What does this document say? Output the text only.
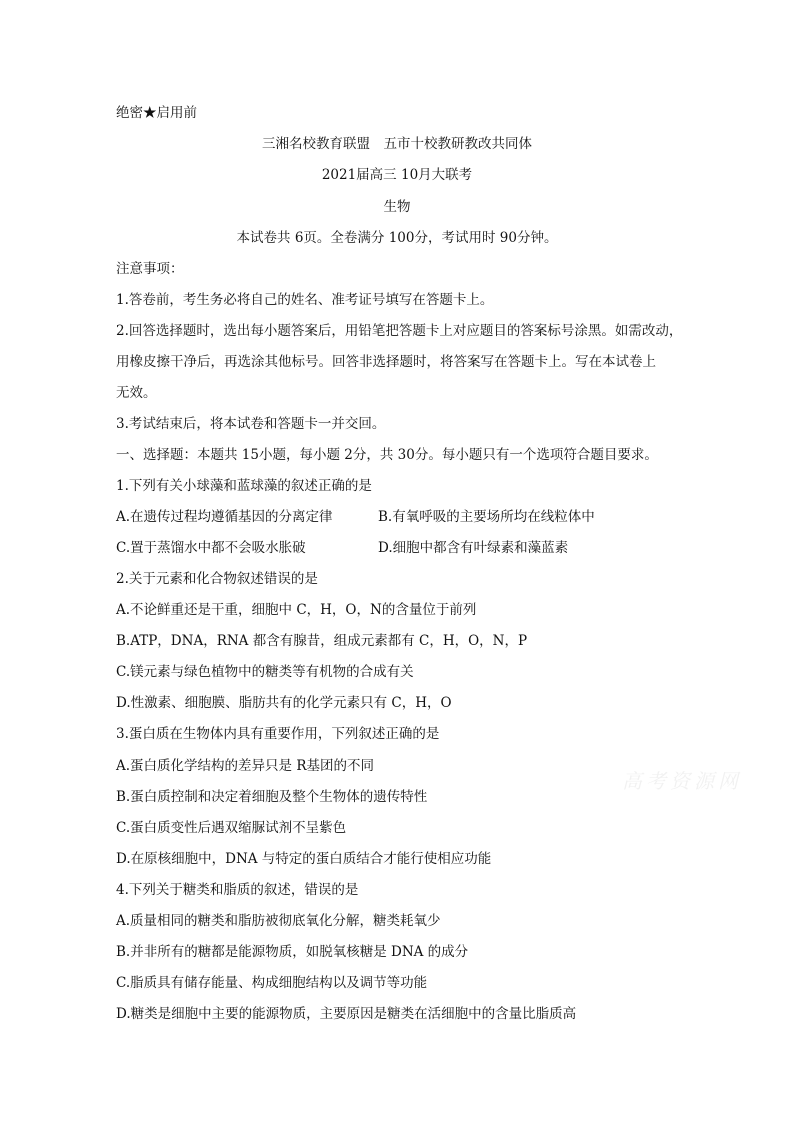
绝密★启用前
三湘名校教育联盟　五市十校教研教改共同体
2021届高三 10月大联考
生物
本试卷共 6页。全卷满分 100分，考试用时 90分钟。
注意事项：
1.答卷前，考生务必将自己的姓名、准考证号填写在答题卡上。
2.回答选择题时，选出每小题答案后，用铅笔把答题卡上对应题目的答案标号涂黑。如需改动，
用橡皮擦干净后，再选涂其他标号。回答非选择题时，将答案写在答题卡上。写在本试卷上
无效。
3.考试结束后，将本试卷和答题卡一并交回。
一、选择题：本题共 15小题，每小题 2分，共 30分。每小题只有一个选项符合题目要求。
1.下列有关小球藻和蓝球藻的叙述正确的是
A.在遗传过程均遵循基因的分离定律	B.有氧呼吸的主要场所均在线粒体中
C.置于蒸馏水中都不会吸水胀破	D.细胞中都含有叶绿素和藻蓝素
2.关于元素和化合物叙述错误的是
A.不论鲜重还是干重，细胞中 C，H，O，N的含量位于前列
B.ATP，DNA，RNA 都含有腺昔，组成元素都有 C，H，O，N，P
C.镁元素与绿色植物中的糖类等有机物的合成有关
D.性激素、细胞膜、脂肪共有的化学元素只有 C，H，O
3.蛋白质在生物体内具有重要作用，下列叙述正确的是
A.蛋白质化学结构的差异只是 R基团的不同
B.蛋白质控制和决定着细胞及整个生物体的遗传特性
C.蛋白质变性后遇双缩脲试剂不呈紫色
D.在原核细胞中，DNA 与特定的蛋白质结合才能行使相应功能
4.下列关于糖类和脂质的叙述，错误的是
A.质量相同的糖类和脂肪被彻底氧化分解，糖类耗氧少
B.并非所有的糖都是能源物质，如脱氧核糖是 DNA 的成分
C.脂质具有储存能量、构成细胞结构以及调节等功能
D.糖类是细胞中主要的能源物质，主要原因是糖类在活细胞中的含量比脂质高
高考资源网
